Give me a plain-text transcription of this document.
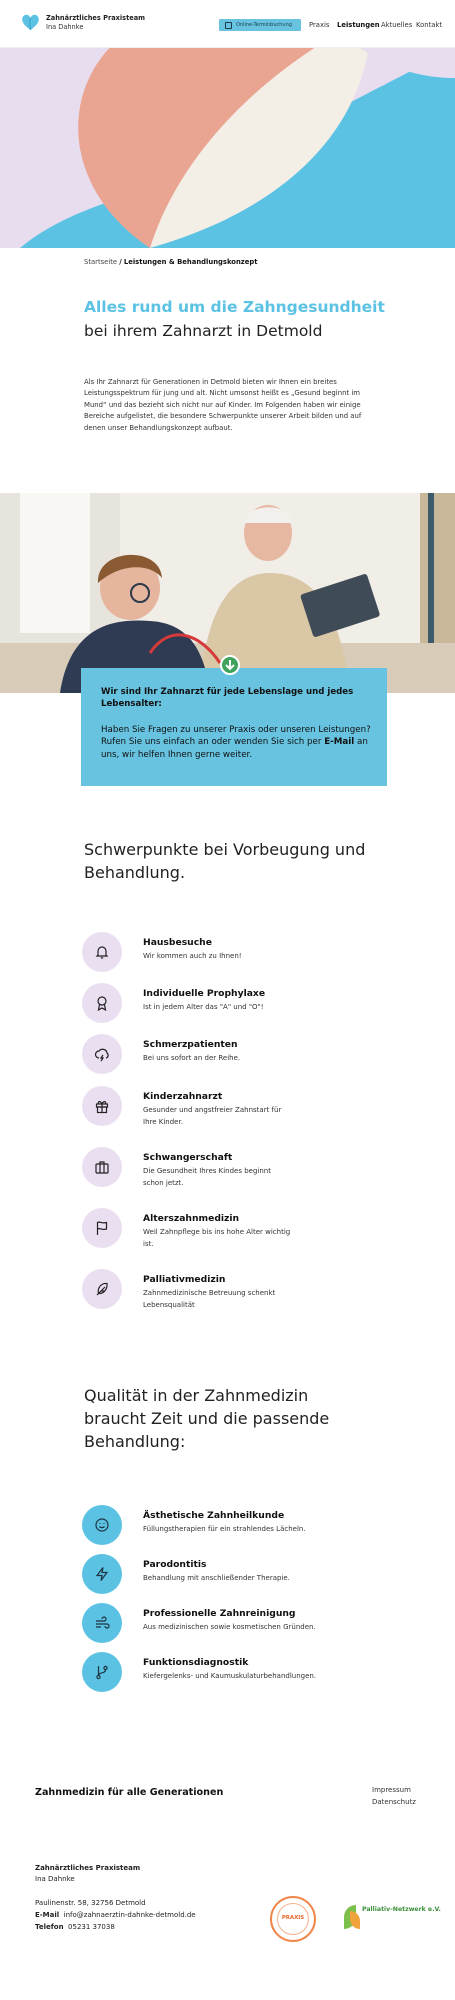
Zahnärztliches Praxisteam
Ina Dahnke	Online-Terminbuchung	Praxis Leistungen Aktuelles Kontakt
Startseite / Leistungen & Behandlungskonzept
Alles rund um die Zahngesundheit
bei ihrem Zahnarzt in Detmold

Als Ihr Zahnarzt für Generationen in Detmold bieten wir Ihnen ein breites Leistungsspektrum für jung und alt. Nicht umsonst heißt es „Gesund beginnt im Mund“ und das bezieht sich nicht nur auf Kinder. Im Folgenden haben wir einige Bereiche aufgelistet, die besondere Schwerpunkte unserer Arbeit bilden und auf denen unser Behandlungskonzept aufbaut.

Wir sind Ihr Zahnarzt für jede Lebenslage und jedes Lebensalter:
Haben Sie Fragen zu unserer Praxis oder unseren Leistungen? Rufen Sie uns einfach an oder wenden Sie sich per E-Mail an uns, wir helfen Ihnen gerne weiter.
Schwerpunkte bei Vorbeugung und Behandlung.
Hausbesuche
Wir kommen auch zu Ihnen!
Individuelle Prophylaxe
Ist in jedem Alter das "A" und "O"!
Schmerzpatienten
Bei uns sofort an der Reihe.
Kinderzahnarzt
Gesunder und angstfreier Zahnstart für Ihre Kinder.
Schwangerschaft
Die Gesundheit Ihres Kindes beginnt schon jetzt.
Alterszahnmedizin
Weil Zahnpflege bis ins hohe Alter wichtig ist.
Palliativmedizin
Zahnmedizinische Betreuung schenkt Lebensqualität
Qualität in der Zahnmedizin braucht Zeit und die passende Behandlung:
Ästhetische Zahnheilkunde
Füllungstherapien für ein strahlendes Lächeln.
Parodontitis
Behandlung mit anschließender Therapie.
Professionelle Zahnreinigung
Aus medizinischen sowie kosmetischen Gründen.
Funktionsdiagnostik
Kiefergelenks- und Kaumuskulaturbehandlungen.
Zahnmedizin für alle Generationen	Impressum
Datenschutz
Zahnärztliches Praxisteam
Ina Dahnke
Paulinenstr. 58, 32756 Detmold
E-Mail info@zahnaerztin-dahnke-detmold.de
Telefon 05231 37038
PRAXIS
Palliativ-Netzwerk e.V.
